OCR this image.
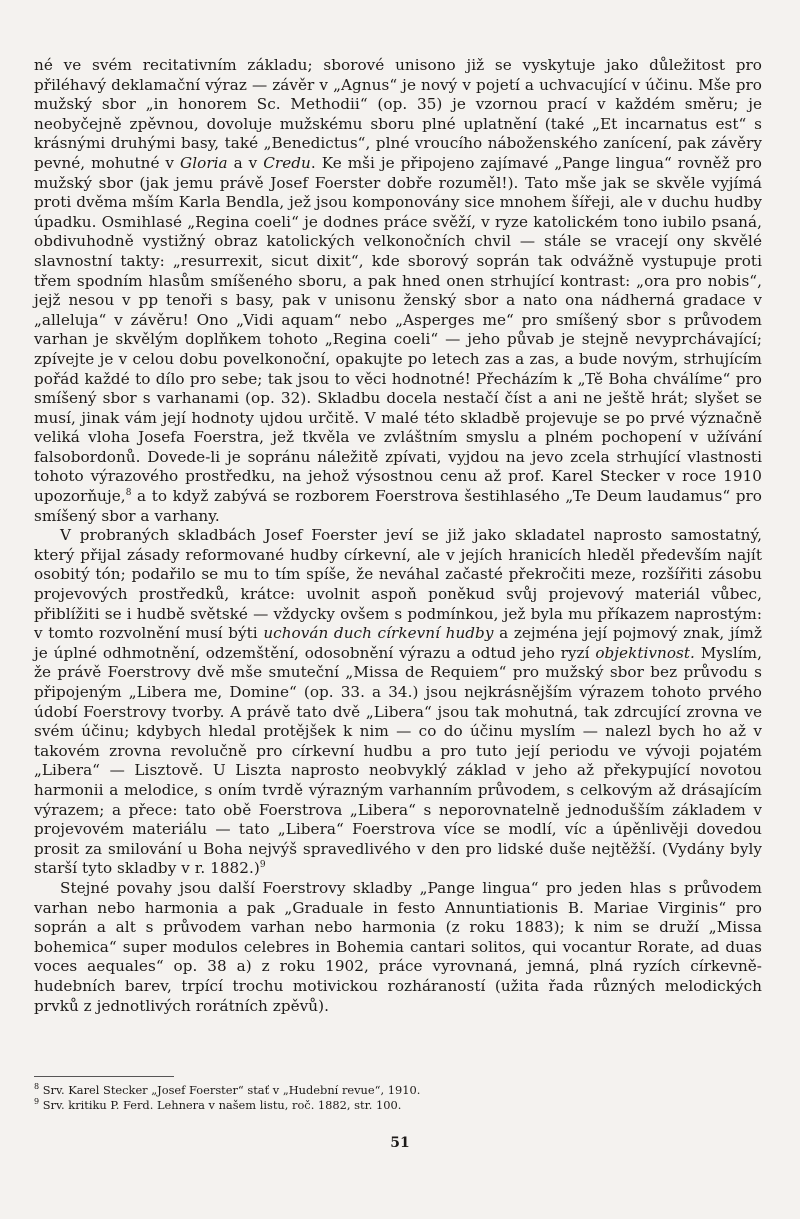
né ve svém recitativním základu; sborové unisono již se vyskytuje jako důležitost pro přiléhavý deklamační výraz — závěr v „Agnus“ je nový v pojetí a uchvacující v účinu. Mše pro mužský sbor „in honorem Sc. Methodii“ (op. 35) je vzornou prací v každém směru; je neobyčejně zpěvnou, dovoluje mužskému sboru plné uplatnění (také „Et incarnatus est“ s krásnými druhými basy, také „Benedictus“, plné vroucího náboženského zanícení, pak závěry pevné, mohutné v Gloria a v Credu. Ke mši je připojeno zajímavé „Pange lingua“ rovněž pro mužský sbor (jak jemu právě Josef Foerster dobře rozuměl!). Tato mše jak se skvěle vyjímá proti dvěma mším Karla Bendla, jež jsou komponovány sice mnohem šířeji, ale v duchu hudby úpadku. Osmihlasé „Regina coeli“ je dodnes práce svěží, v ryze katolickém tono iubilo psaná, obdivuhodně vystižný obraz katolických velkonočních chvil — stále se vracejí ony skvělé slavnostní takty: „resurrexit, sicut dixit“, kde sborový soprán tak odvážně vystupuje proti třem spodním hlasům smíšeného sboru, a pak hned onen strhující kontrast: „ora pro nobis“, jejž nesou v pp tenoři s basy, pak v unisonu ženský sbor a nato ona nádherná gradace v „alleluja“ v závěru! Ono „Vidi aquam“ nebo „Asperges me“ pro smíšený sbor s průvodem varhan je skvělým doplňkem tohoto „Regina coeli“ — jeho půvab je stejně nevyprchávající; zpívejte je v celou dobu povelkonoční, opakujte po letech zas a zas, a bude novým, strhujícím pořád každé to dílo pro sebe; tak jsou to věci hodnotné! Přecházím k „Tě Boha chválíme“ pro smíšený sbor s varhanami (op. 32). Skladbu docela nestačí číst a ani ne ještě hrát; slyšet se musí, jinak vám její hodnoty ujdou určitě. V malé této skladbě projevuje se po prvé význačně veliká vloha Josefa Foerstra, jež tkvěla ve zvláštním smyslu a plném pochopení v užívání falsobordonů. Dovede-li je sopránu náležitě zpívati, vyjdou na jevo zcela strhující vlastnosti tohoto výrazového prostředku, na jehož výsostnou cenu až prof. Karel Stecker v roce 1910 upozorňuje,$^8$ a to když zabývá se rozborem Foerstrova šestihlasého „Te Deum laudamus“ pro smíšený sbor a varhany.

V probraných skladbách Josef Foerster jeví se již jako skladatel naprosto samostatný, který přijal zásady reformované hudby církevní, ale v jejích hranicích hleděl především najít osobitý tón; podařilo se mu to tím spíše, že neváhal začasté překročiti meze, rozšířiti zásobu projevových prostředků, krátce: uvolnit aspoň poněkud svůj projevový materiál vůbec, přiblížiti se i hudbě světské — vždycky ovšem s podmínkou, jež byla mu příkazem naprostým: v tomto rozvolnění musí býti uchován duch církevní hudby a zejména její pojmový znak, jímž je úplné odhmotnění, odzemštění, odosobnění výrazu a odtud jeho ryzí objektivnost. Myslím, že právě Foerstrovy dvě mše smuteční „Missa de Requiem“ pro mužský sbor bez průvodu s připojeným „Libera me, Domine“ (op. 33. a 34.) jsou nejkrásnějším výrazem tohoto prvého údobí Foerstrovy tvorby. A právě tato dvě „Libera“ jsou tak mohutná, tak zdrcující zrovna ve svém účinu; kdybych hledal protějšek k nim — co do účinu myslím — nalezl bych ho až v takovém zrovna revolučně pro církevní hudbu a pro tuto její periodu ve vývoji pojatém „Libera“ — Lisztově. U Liszta naprosto neobvyklý základ v jeho až překypující novotou harmonii a melodice, s oním tvrdě výrazným varhanním průvodem, s celkovým až drásajícím výrazem; a přece: tato obě Foerstrova „Libera“ s neporovnatelně jednodušším základem v projevovém materiálu — tato „Libera“ Foerstrova více se modlí, víc a úpěnlivěji dovedou prosit za smilování u Boha nejvýš spravedlivého v den pro lidské duše nejtěžší. (Vydány byly starší tyto skladby v r. 1882.)$^9$

Stejné povahy jsou další Foerstrovy skladby „Pange lingua“ pro jeden hlas s průvodem varhan nebo harmonia a pak „Graduale in festo Annuntiationis B. Mariae Virginis“ pro soprán a alt s průvodem varhan nebo harmonia (z roku 1883); k nim se druží „Missa bohemica“ super modulos celebres in Bohemia cantari solitos, qui vocantur Rorate, ad duas voces aequales“ op. 38 a) z roku 1902, práce vyrovnaná, jemná, plná ryzích církevně-hudebních barev, trpící trochu motivickou rozháraností (užita řada různých melodických prvků z jednotlivých rorátních zpěvů).

$^8$ Srv. Karel Stecker „Josef Foerster“ stať v „Hudební revue“, 1910.
$^9$ Srv. kritiku P. Ferd. Lehnera v našem listu, roč. 1882, str. 100.
51
